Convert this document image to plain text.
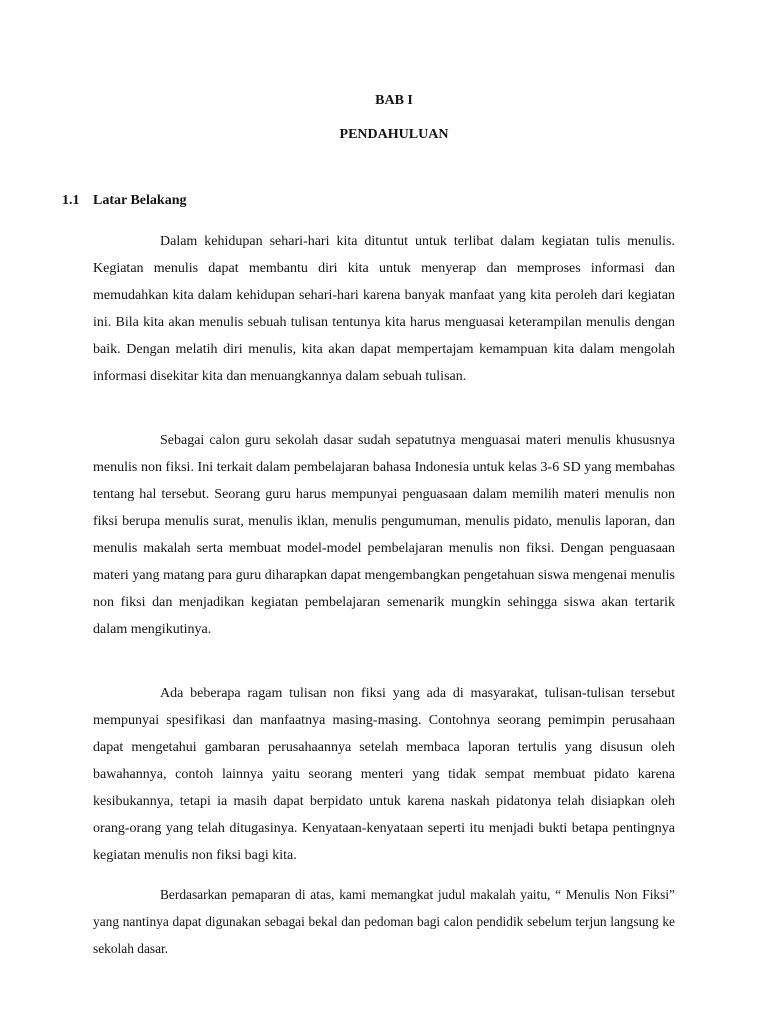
BAB I
PENDAHULUAN
1.1 Latar Belakang

Dalam kehidupan sehari-hari kita dituntut untuk terlibat dalam kegiatan tulis menulis. Kegiatan menulis dapat membantu diri kita untuk menyerap dan memproses informasi dan memudahkan kita dalam kehidupan sehari-hari karena banyak manfaat yang kita peroleh dari kegiatan ini. Bila kita akan menulis sebuah tulisan tentunya kita harus menguasai keterampilan menulis dengan baik. Dengan melatih diri menulis, kita akan dapat mempertajam kemampuan kita dalam mengolah informasi disekitar kita dan menuangkannya dalam sebuah tulisan.

Sebagai calon guru sekolah dasar sudah sepatutnya menguasai materi menulis khususnya menulis non fiksi. Ini terkait dalam pembelajaran bahasa Indonesia untuk kelas 3-6 SD yang membahas tentang hal tersebut. Seorang guru harus mempunyai penguasaan dalam memilih materi menulis non fiksi berupa menulis surat, menulis iklan, menulis pengumuman, menulis pidato, menulis laporan, dan menulis makalah serta membuat model-model pembelajaran menulis non fiksi. Dengan penguasaan materi yang matang para guru diharapkan dapat mengembangkan pengetahuan siswa mengenai menulis non fiksi dan menjadikan kegiatan pembelajaran semenarik mungkin sehingga siswa akan tertarik dalam mengikutinya.

Ada beberapa ragam tulisan non fiksi yang ada di masyarakat, tulisan-tulisan tersebut mempunyai spesifikasi dan manfaatnya masing-masing. Contohnya seorang pemimpin perusahaan dapat mengetahui gambaran perusahaannya setelah membaca laporan tertulis yang disusun oleh bawahannya, contoh lainnya yaitu seorang menteri yang tidak sempat membuat pidato karena kesibukannya, tetapi ia masih dapat berpidato untuk karena naskah pidatonya telah disiapkan oleh orang-orang yang telah ditugasinya. Kenyataan-kenyataan seperti itu menjadi bukti betapa pentingnya kegiatan menulis non fiksi bagi kita.

Berdasarkan pemaparan di atas, kami memangkat judul makalah yaitu, “ Menulis Non Fiksi” yang nantinya dapat digunakan sebagai bekal dan pedoman bagi calon pendidik sebelum terjun langsung ke sekolah dasar.
